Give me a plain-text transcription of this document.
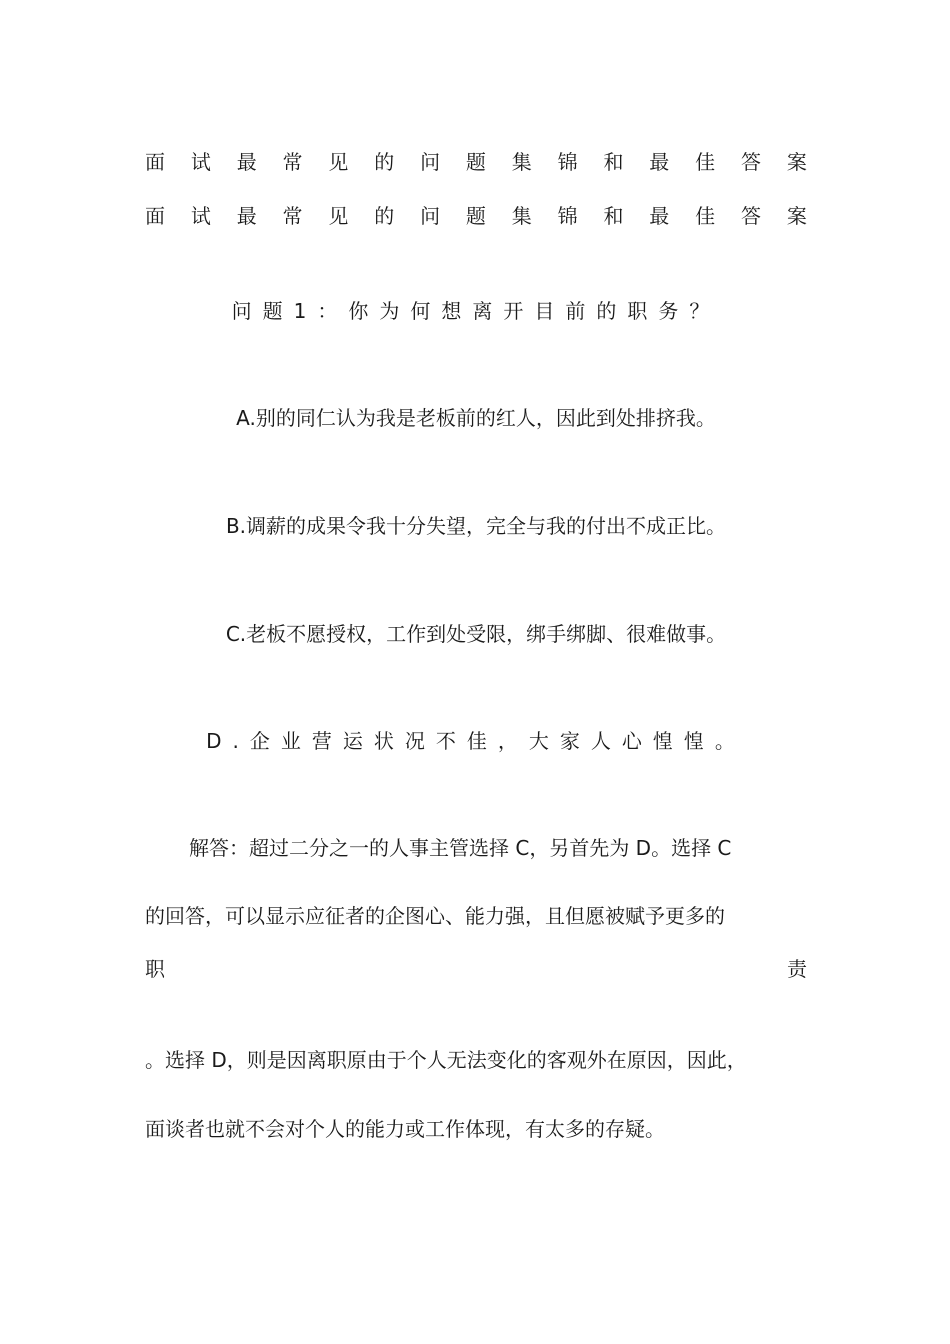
面 试 最 常 见 的 问 题 集 锦 和 最 佳 答 案
面 试 最 常 见 的 问 题 集 锦 和 最 佳 答 案
问题1：你为何想离开目前的职务？
A.别的同仁认为我是老板前的红人，因此到处排挤我。
B.调薪的成果令我十分失望，完全与我的付出不成正比。
C.老板不愿授权，工作到处受限，绑手绑脚、很难做事。
D.企业营运状况不佳，大家人心惶惶。
解答：超过二分之一的人事主管选择 C，另首先为 D。选择 C
的回答，可以显示应征者的企图心、能力强，且但愿被赋予更多的
职	责
。选择 D，则是因离职原由于个人无法变化的客观外在原因，因此，
面谈者也就不会对个人的能力或工作体现，有太多的存疑。
